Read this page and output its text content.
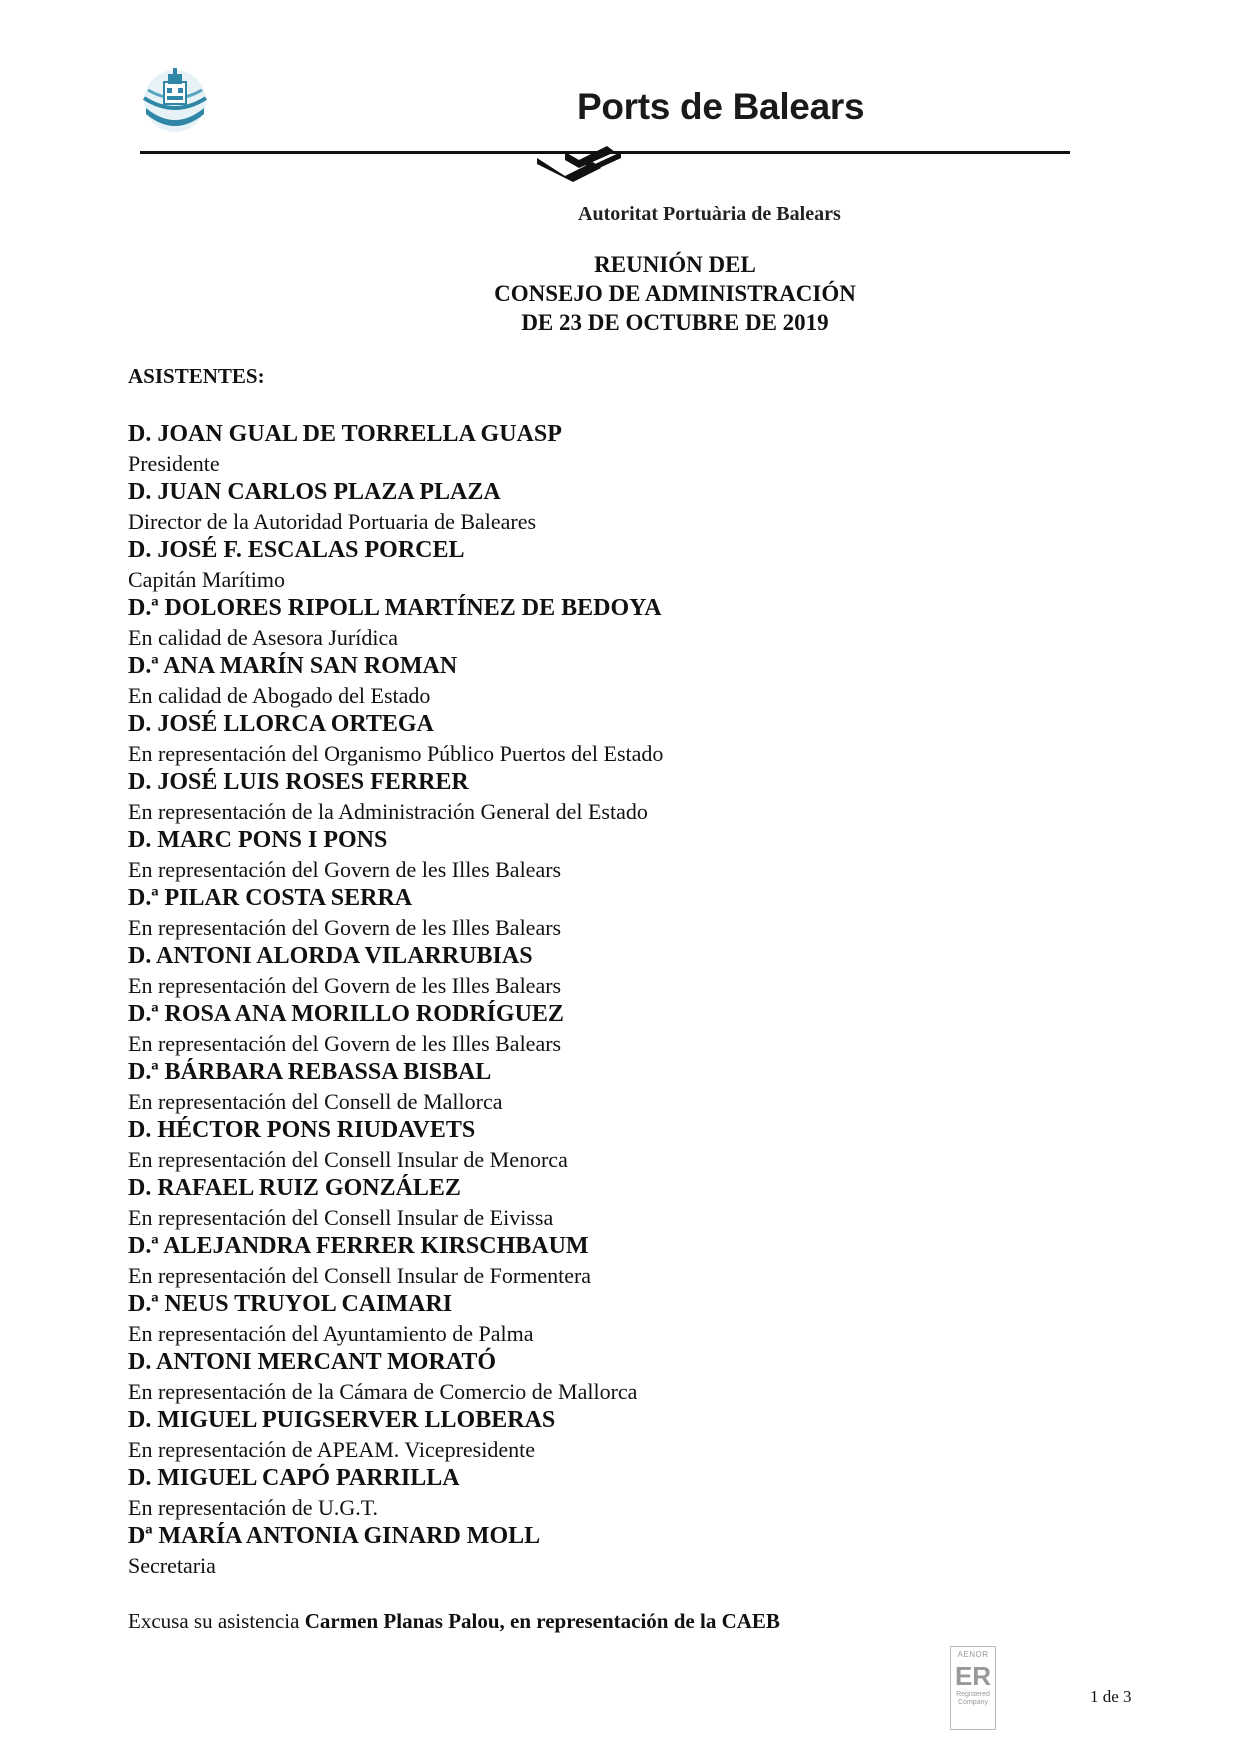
Ports de Balears
Autoritat Portuària de Balears
REUNIÓN DEL
CONSEJO DE ADMINISTRACIÓN
DE 23 DE OCTUBRE DE 2019
ASISTENTES:
D. JOAN GUAL DE TORRELLA GUASP
Presidente
D. JUAN CARLOS PLAZA PLAZA
Director de la Autoridad Portuaria de Baleares
D. JOSÉ F. ESCALAS PORCEL
Capitán Marítimo
D.ª DOLORES RIPOLL MARTÍNEZ DE BEDOYA
En calidad de Asesora Jurídica
D.ª ANA MARÍN SAN ROMAN
En calidad de Abogado del Estado
D. JOSÉ LLORCA ORTEGA
En representación del Organismo Público Puertos del Estado
D. JOSÉ LUIS ROSES FERRER
En representación de la Administración General del Estado
D. MARC PONS I PONS
En representación del Govern de les Illes Balears
D.ª PILAR COSTA SERRA
En representación del Govern de les Illes Balears
D. ANTONI ALORDA VILARRUBIAS
En representación del Govern de les Illes Balears
D.ª ROSA ANA MORILLO RODRÍGUEZ
En representación del Govern de les Illes Balears
D.ª BÁRBARA REBASSA BISBAL
En representación del Consell de Mallorca
D. HÉCTOR PONS RIUDAVETS
En representación del Consell Insular de Menorca
D. RAFAEL RUIZ GONZÁLEZ
En representación del Consell Insular de Eivissa
D.ª ALEJANDRA FERRER KIRSCHBAUM
En representación del Consell Insular de Formentera
D.ª NEUS TRUYOL CAIMARI
En representación del Ayuntamiento de Palma
D. ANTONI MERCANT MORATÓ
En representación de la Cámara de Comercio de Mallorca
D. MIGUEL PUIGSERVER LLOBERAS
En representación de APEAM. Vicepresidente
D. MIGUEL CAPÓ PARRILLA
En representación de U.G.T.
Dª MARÍA ANTONIA GINARD MOLL
Secretaria
Excusa su asistencia Carmen Planas Palou, en representación de la CAEB
AENOR
ER
Registered Company	1 de 3
